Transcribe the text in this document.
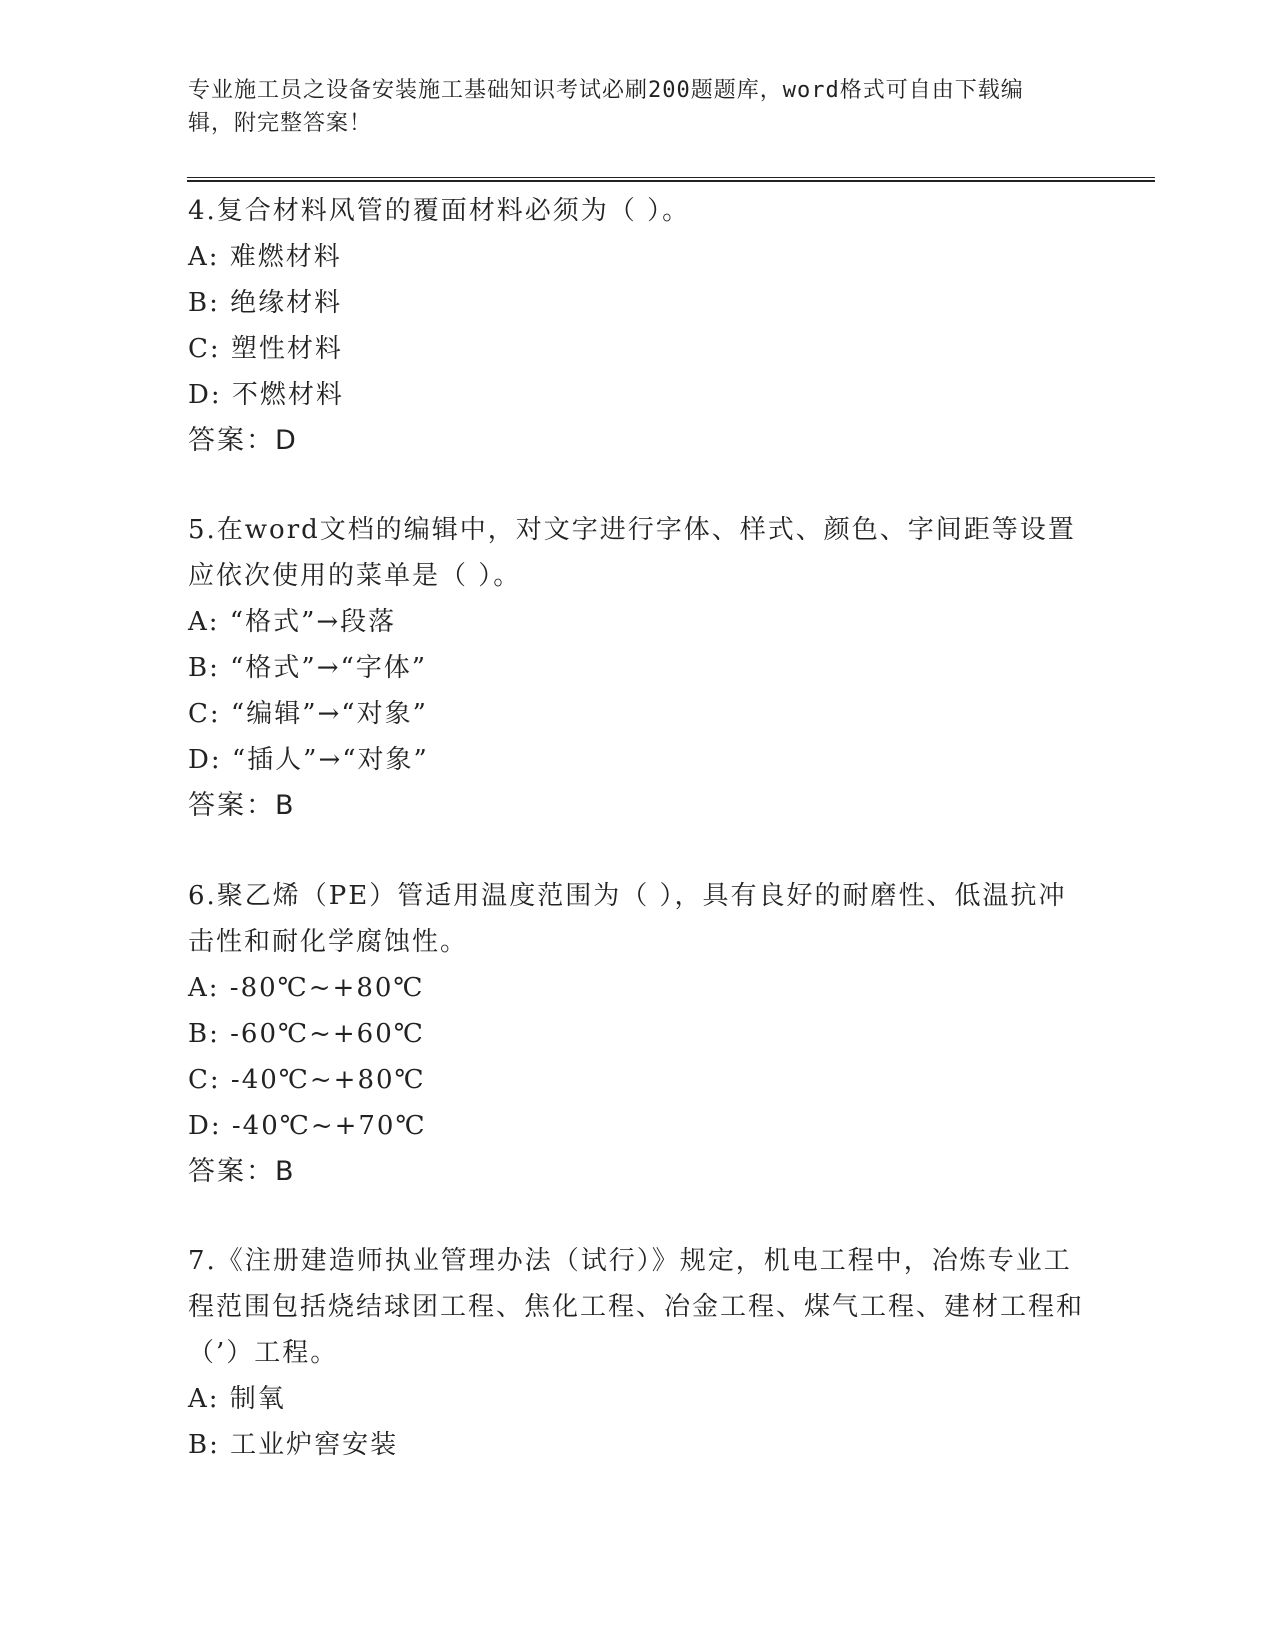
专业施工员之设备安装施工基础知识考试必刷200题题库，word格式可自由下载编辑，附完整答案！

4.复合材料风管的覆面材料必须为（ ）。

A: 难燃材料

B: 绝缘材料

C: 塑性材料

D: 不燃材料

答案：D

5.在word文档的编辑中，对文字进行字体、样式、颜色、字间距等设置应依次使用的菜单是（ ）。

A: “格式”→段落

B: “格式”→“字体”

C: “编辑”→“对象”

D: “插人”→“对象”

答案：B

6.聚乙烯（PE）管适用温度范围为（ ），具有良好的耐磨性、低温抗冲击性和耐化学腐蚀性。

A: -80℃~+80℃

B: -60℃~+60℃

C: -40℃~+80℃

D: -40℃~+70℃

答案：B

7.《注册建造师执业管理办法（试行）》规定，机电工程中，冶炼专业工程范围包括烧结球团工程、焦化工程、冶金工程、煤气工程、建材工程和（’）工程。

A: 制氧

B: 工业炉窖安装
